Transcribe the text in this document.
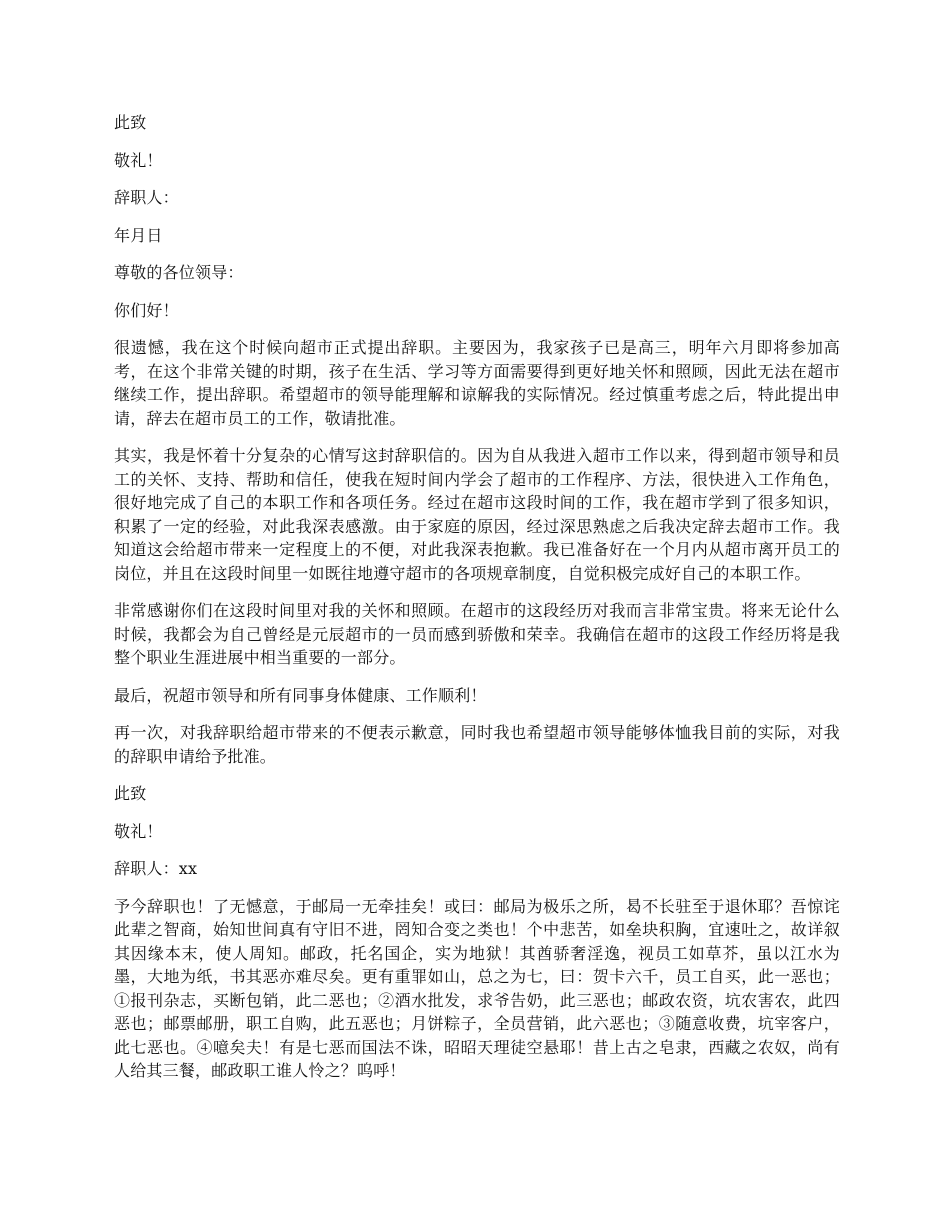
此致

敬礼！

辞职人：

年月日

尊敬的各位领导：

你们好！

很遗憾，我在这个时候向超市正式提出辞职。主要因为，我家孩子已是高三，明年六月即将参加高考，在这个非常关键的时期，孩子在生活、学习等方面需要得到更好地关怀和照顾，因此无法在超市继续工作，提出辞职。希望超市的领导能理解和谅解我的实际情况。经过慎重考虑之后，特此提出申请，辞去在超市员工的工作，敬请批准。

其实，我是怀着十分复杂的心情写这封辞职信的。因为自从我进入超市工作以来，得到超市领导和员工的关怀、支持、帮助和信任，使我在短时间内学会了超市的工作程序、方法，很快进入工作角色，很好地完成了自己的本职工作和各项任务。经过在超市这段时间的工作，我在超市学到了很多知识，积累了一定的经验，对此我深表感激。由于家庭的原因，经过深思熟虑之后我决定辞去超市工作。我知道这会给超市带来一定程度上的不便，对此我深表抱歉。我已准备好在一个月内从超市离开员工的岗位，并且在这段时间里一如既往地遵守超市的各项规章制度，自觉积极完成好自己的本职工作。

非常感谢你们在这段时间里对我的关怀和照顾。在超市的这段经历对我而言非常宝贵。将来无论什么时候，我都会为自己曾经是元辰超市的一员而感到骄傲和荣幸。我确信在超市的这段工作经历将是我整个职业生涯进展中相当重要的一部分。

最后，祝超市领导和所有同事身体健康、工作顺利！

再一次，对我辞职给超市带来的不便表示歉意，同时我也希望超市领导能够体恤我目前的实际，对我的辞职申请给予批准。

此致

敬礼！

辞职人：xx

予今辞职也！了无憾意，于邮局一无牵挂矣！或曰：邮局为极乐之所，曷不长驻至于退休耶？吾惊诧此辈之智商，始知世间真有守旧不进，罔知合变之类也！个中悲苦，如垒块积胸，宜速吐之，故详叙其因缘本末，使人周知。邮政，托名国企，实为地狱！其酋骄奢淫逸，视员工如草芥，虽以江水为墨，大地为纸，书其恶亦难尽矣。更有重罪如山，总之为七，曰：贺卡六千，员工自买，此一恶也；①报刊杂志，买断包销，此二恶也；②酒水批发，求爷告奶，此三恶也；邮政农资，坑农害农，此四恶也；邮票邮册，职工自购，此五恶也；月饼粽子，全员营销，此六恶也；③随意收费，坑宰客户，此七恶也。④噫矣夫！有是七恶而国法不诛，昭昭天理徒空悬耶！昔上古之皂隶，西藏之农奴，尚有人给其三餐，邮政职工谁人怜之？呜呼！
